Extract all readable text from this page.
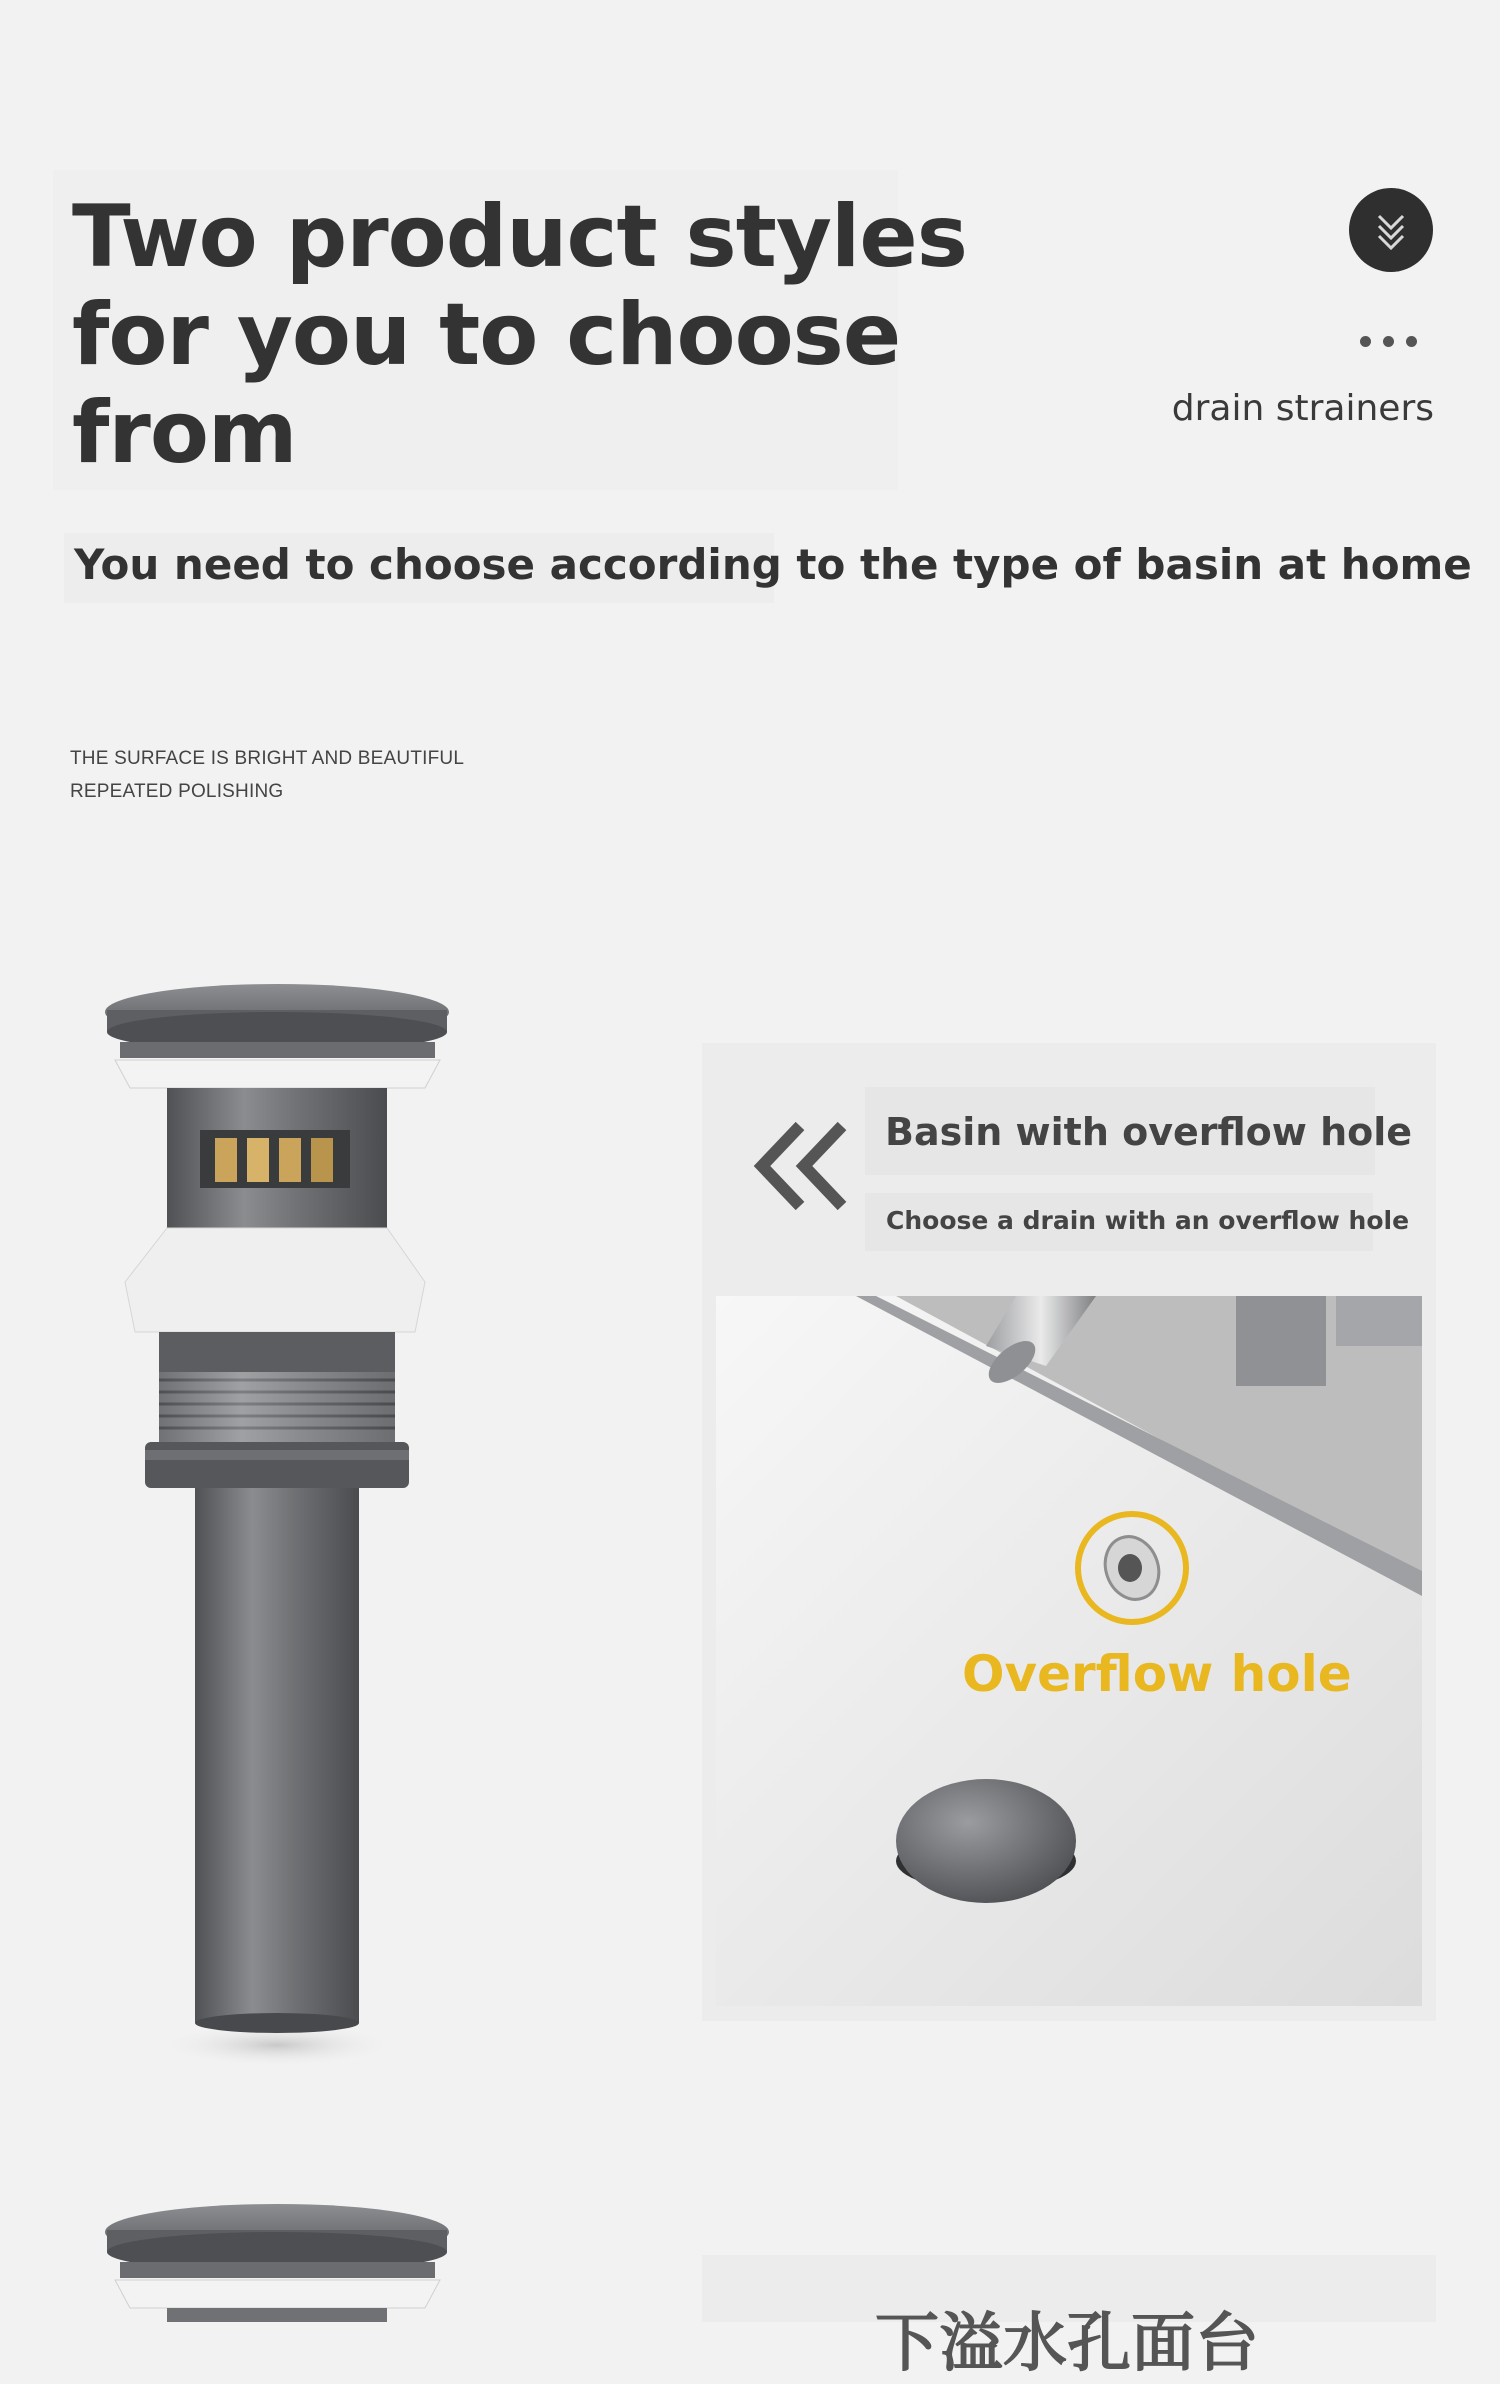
Two product styles
for you to choose
from	drain strainers
You need to choose according to the type of basin at home
THE SURFACE IS BRIGHT AND BEAUTIFUL
REPEATED POLISHING
Basin with overflow hole
Choose a drain with an overflow hole
Overflow hole
下溢水孔面台
